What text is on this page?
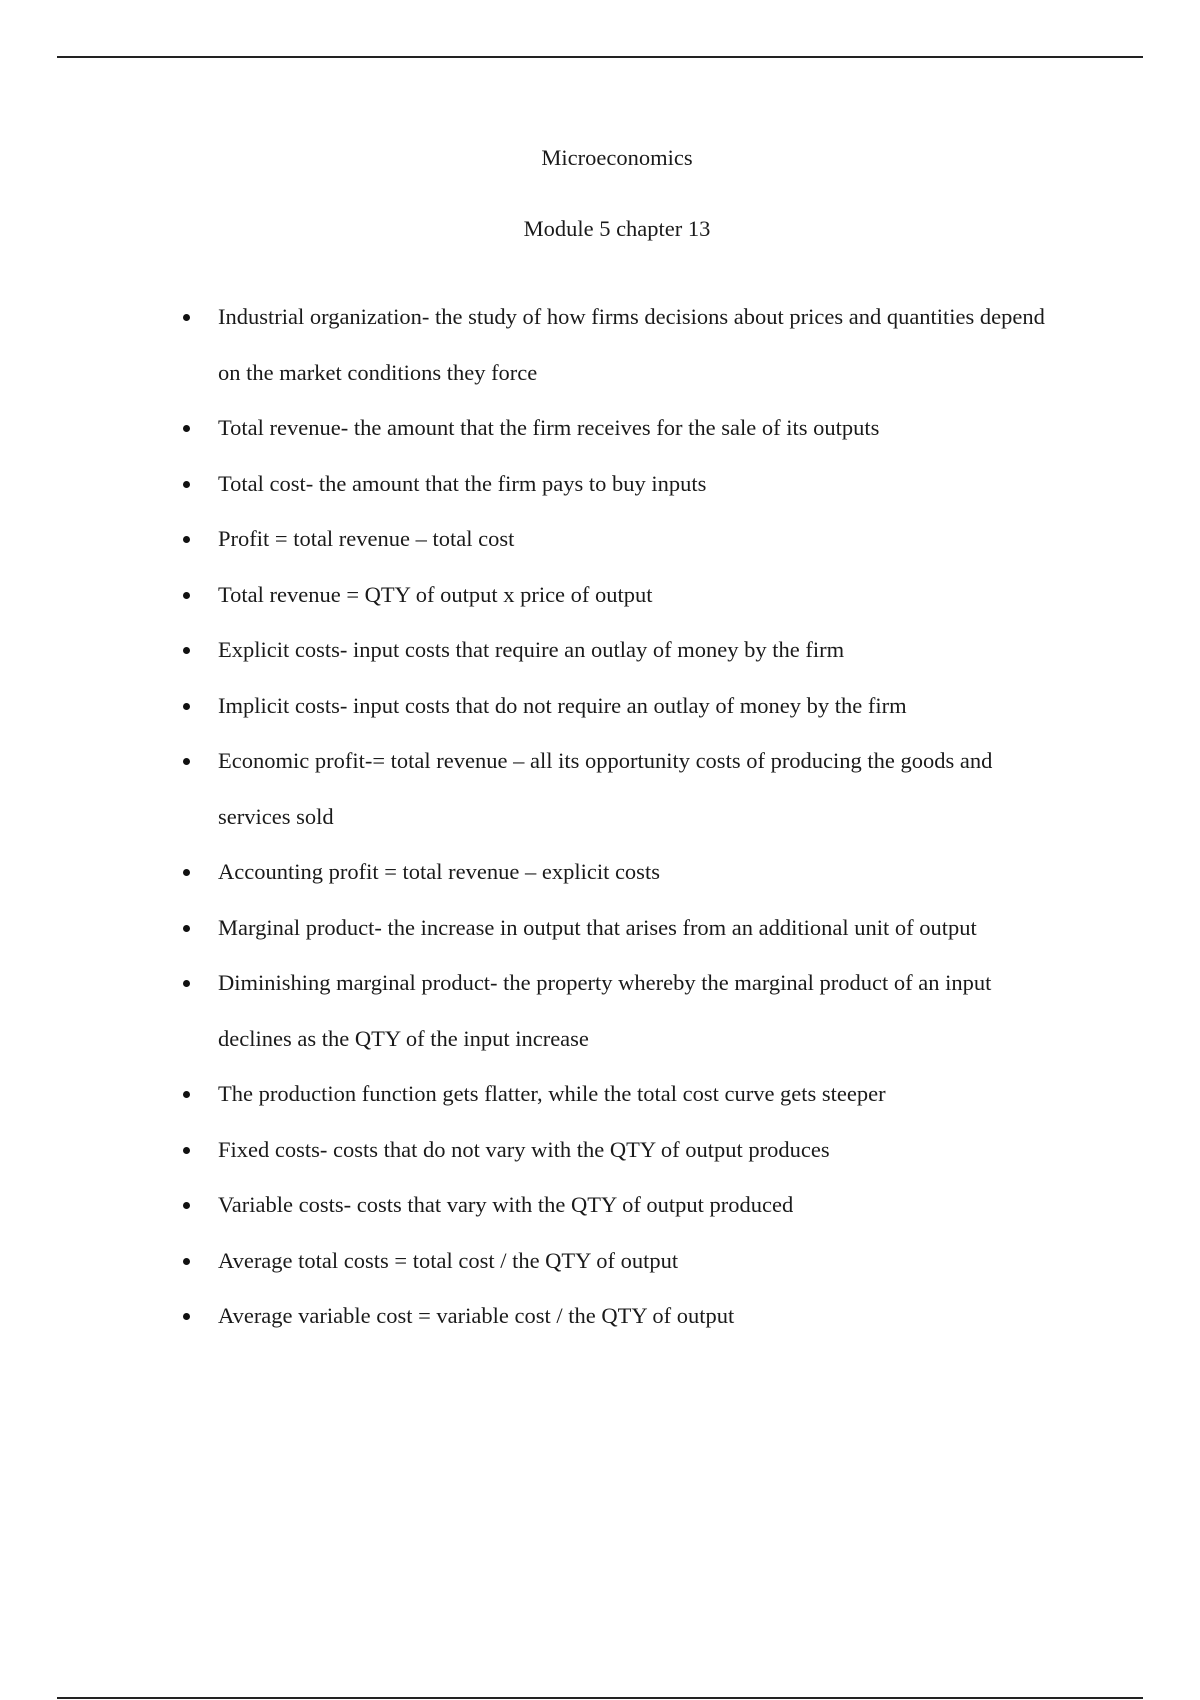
Microeconomics
Module 5 chapter 13
Industrial organization- the study of how firms decisions about prices and quantities depend on the market conditions they force
Total revenue- the amount that the firm receives for the sale of its outputs
Total cost- the amount that the firm pays to buy inputs
Profit = total revenue – total cost
Total revenue = QTY of output x price of output
Explicit costs- input costs that require an outlay of money by the firm
Implicit costs- input costs that do not require an outlay of money by the firm
Economic profit-= total revenue – all its opportunity costs of producing the goods and services sold
Accounting profit = total revenue – explicit costs
Marginal product- the increase in output that arises from an additional unit of output
Diminishing marginal product- the property whereby the marginal product of an input declines as the QTY of the input increase
The production function gets flatter, while the total cost curve gets steeper
Fixed costs- costs that do not vary with the QTY of output produces
Variable costs- costs that vary with the QTY of output produced
Average total costs = total cost / the QTY of output
Average variable cost = variable cost / the QTY of output
